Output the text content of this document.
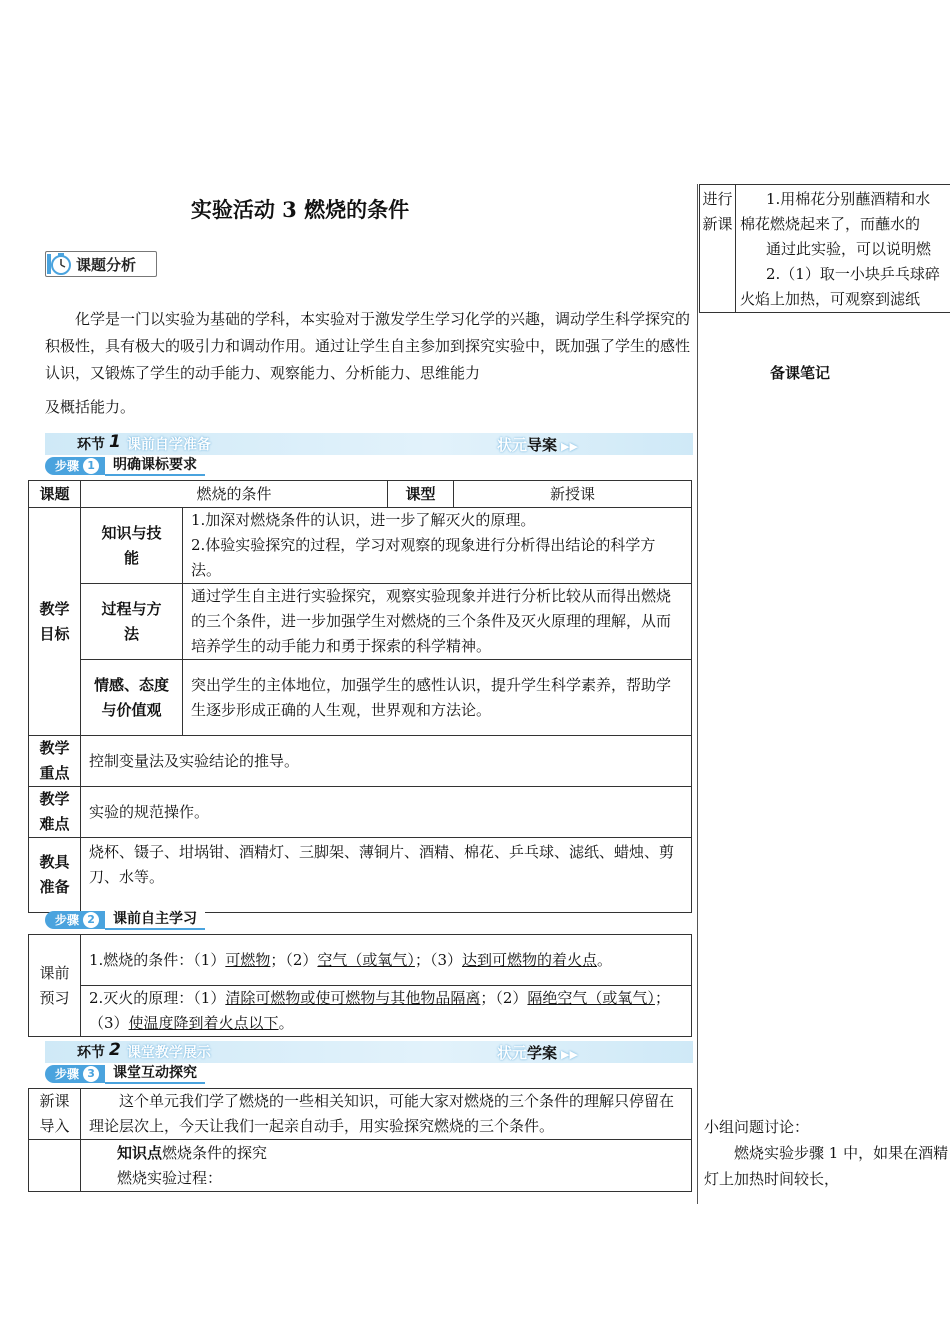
实验活动 3 燃烧的条件
课题分析
化学是一门以实验为基础的学科，本实验对于激发学生学习化学的兴趣，调动学生科学探究的积极性，具有极大的吸引力和调动作用。通过让学生自主参加到探究实验中，既加强了学生的感性认识，又锻炼了学生的动手能力、观察能力、分析能力、思维能力
及概括能力。
环节 1 课前自学准备	状元导案 ▶▶
步骤 1	明确课标要求
课题	燃烧的条件		课型	新授课
教学目标	知识与技能	1.加深对燃烧条件的认识，进一步了解灭火的原理。
2.体验实验探究的过程，学习对观察的现象进行分析得出结论的科学方法。		
	过程与方法	通过学生自主进行实验探究，观察实验现象并进行分析比较从而得出燃烧的三个条件，进一步加强学生对燃烧的三个条件及灭火原理的理解，从而培养学生的动手能力和勇于探索的科学精神。		
	情感、态度与价值观	突出学生的主体地位，加强学生的感性认识，提升学生科学素养，帮助学生逐步形成正确的人生观，世界观和方法论。		
教学重点	控制变量法及实验结论的推导。			
教学难点	实验的规范操作。			
教具准备	烧杯、镊子、坩埚钳、酒精灯、三脚架、薄铜片、酒精、棉花、乒乓球、滤纸、蜡烛、剪刀、水等。			
步骤 2	课前自主学习
课前预习	1.燃烧的条件：（1）可燃物；（2）空气（或氧气）；（3）达到可燃物的着火点。
2.灭火的原理：（1）清除可燃物或使可燃物与其他物品隔离；（2）隔绝空气（或氧气）；（3）使温度降到着火点以下。
环节 2 课堂教学展示	状元学案 ▶▶
步骤 3	课堂互动探究
新课导入	这个单元我们学了燃烧的一些相关知识，可能大家对燃烧的三个条件的理解只停留在理论层次上，今天让我们一起亲自动手，用实验探究燃烧的三个条件。

	知识点燃烧条件的探究
燃烧实验过程：
进行新课	
1.用棉花分别蘸酒精和水
棉花燃烧起来了，而蘸水的
通过此实验，可以说明燃
2.（1）取一小块乒乓球碎
火焰上加热，可观察到滤纸
备课笔记
小组问题讨论：
燃烧实验步骤 1 中，如果在酒精灯上加热时间较长，
